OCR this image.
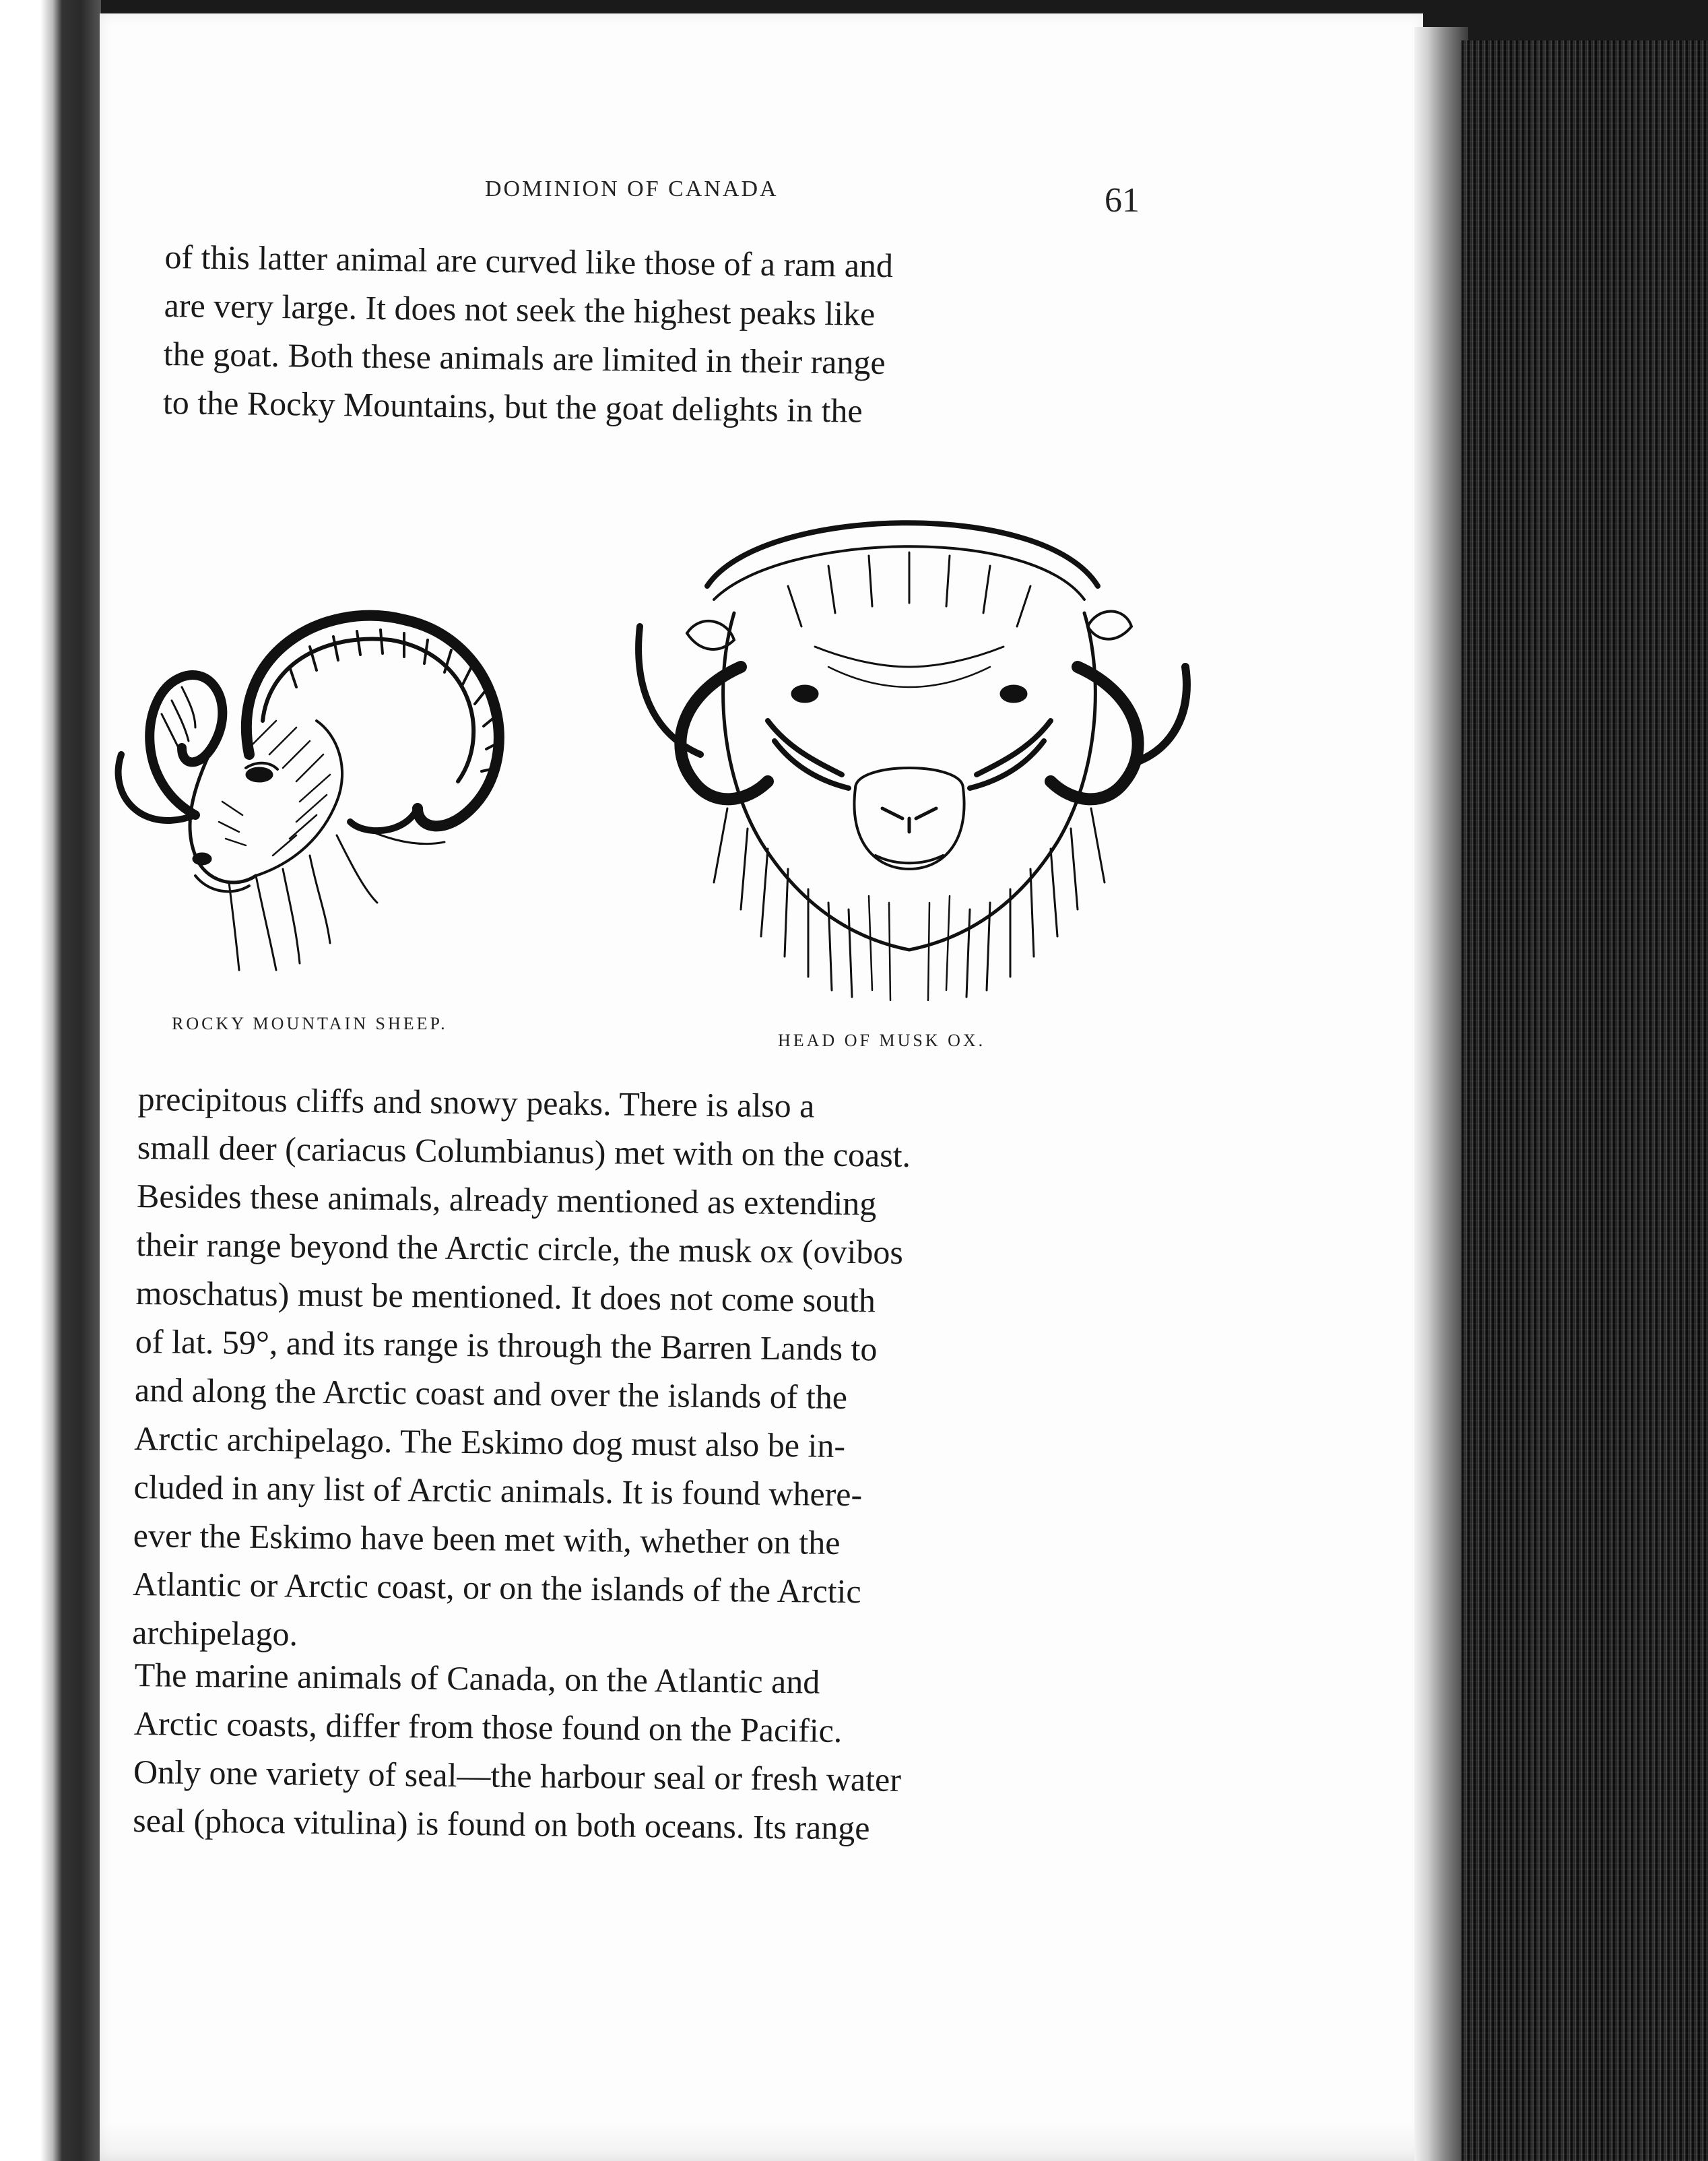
DOMINION OF CANADA	61
of this latter animal are curved like those of a ram and
are very large. It does not seek the highest peaks like
the goat. Both these animals are limited in their range
to the Rocky Mountains, but the goat delights in the
ROCKY MOUNTAIN SHEEP.
HEAD OF MUSK OX.
precipitous cliffs and snowy peaks. There is also a
small deer (cariacus Columbianus) met with on the coast.
Besides these animals, already mentioned as extending
their range beyond the Arctic circle, the musk ox (ovibos
moschatus) must be mentioned. It does not come south
of lat. 59°, and its range is through the Barren Lands to
and along the Arctic coast and over the islands of the
Arctic archipelago. The Eskimo dog must also be in-
cluded in any list of Arctic animals. It is found where-
ever the Eskimo have been met with, whether on the
Atlantic or Arctic coast, or on the islands of the Arctic
archipelago.
The marine animals of Canada, on the Atlantic and
Arctic coasts, differ from those found on the Pacific.
Only one variety of seal—the harbour seal or fresh water
seal (phoca vitulina) is found on both oceans. Its range
